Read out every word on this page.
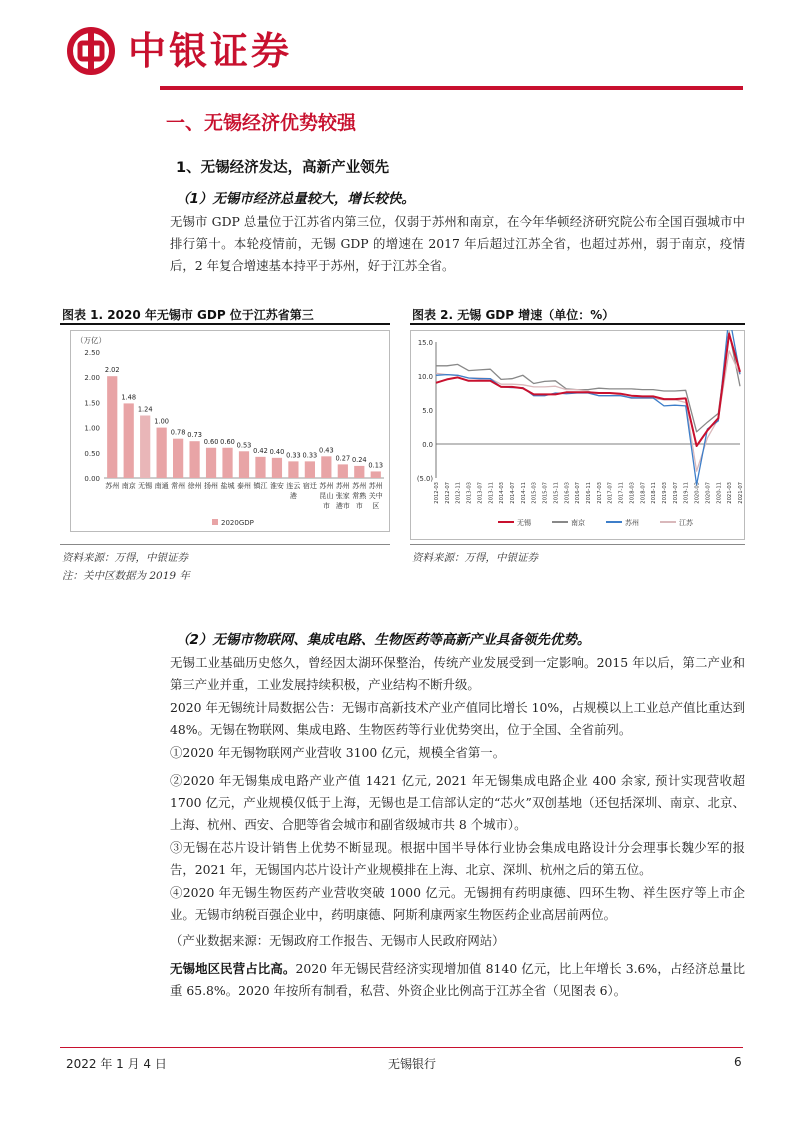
中银证券
一、无锡经济优势较强
1、无锡经济发达，高新产业领先
（1）无锡市经济总量较大，增长较快。
无锡市 GDP 总量位于江苏省内第三位，仅弱于苏州和南京，在今年华顿经济研究院公布全国百强城市中排行第十。本轮疫情前，无锡 GDP 的增速在 2017 年后超过江苏全省，也超过苏州，弱于南京，疫情后，2 年复合增速基本持平于苏州，好于江苏全省。
图表 1. 2020 年无锡市 GDP 位于江苏省第三
（万亿）
0.00
0.50
1.00
1.50
2.00
2.50
2.02
苏州
1.48
南京
1.24
无锡
1.00
南通
0.78
常州
0.73
徐州
0.60
扬州
0.60
盐城
0.53
泰州
0.42
镇江
0.40
淮安
0.33
连云港
0.33
宿迁
0.43
苏州昆山市
0.27
苏州张家港市
0.24
苏州常熟市
0.13
苏州关中区
2020GDP
资料来源：万得，中银证券
注：关中区数据为 2019 年
图表 2. 无锡 GDP 增速（单位：%）
15.0
10.0
5.0
0.0
(5.0)
2012-03 2012-07 2012-11 2013-03 2013-07 2013-11 2014-03 2014-07 2014-11 2015-03 2015-07 2015-11 2016-03 2016-07 2016-11 2017-03 2017-07 2017-11 2018-03 2018-07 2018-11 2019-03 2019-07 2019-11 2020-03 2020-07 2020-11 2021-03 2021-07
无锡	南京	苏州	江苏
资料来源：万得，中银证券
（2）无锡市物联网、集成电路、生物医药等高新产业具备领先优势。
无锡工业基础历史悠久，曾经因太湖环保整治，传统产业发展受到一定影响。2015 年以后，第二产业和第三产业并重，工业发展持续积极，产业结构不断升级。
2020 年无锡统计局数据公告：无锡市高新技术产业产值同比增长 10%，占规模以上工业总产值比重达到 48%。无锡在物联网、集成电路、生物医药等行业优势突出，位于全国、全省前列。
①2020 年无锡物联网产业营收 3100 亿元，规模全省第一。
②2020 年无锡集成电路产业产值 1421 亿元, 2021 年无锡集成电路企业 400 余家, 预计实现营收超 1700 亿元，产业规模仅低于上海，无锡也是工信部认定的“芯火”双创基地（还包括深圳、南京、北京、上海、杭州、西安、合肥等省会城市和副省级城市共 8 个城市）。
③无锡在芯片设计销售上优势不断显现。根据中国半导体行业协会集成电路设计分会理事长魏少军的报告，2021 年，无锡国内芯片设计产业规模排在上海、北京、深圳、杭州之后的第五位。
④2020 年无锡生物医药产业营收突破 1000 亿元。无锡拥有药明康德、四环生物、祥生医疗等上市企业。无锡市纳税百强企业中，药明康德、阿斯利康两家生物医药企业高居前两位。
（产业数据来源：无锡政府工作报告、无锡市人民政府网站）
无锡地区民营占比高。2020 年无锡民营经济实现增加值 8140 亿元，比上年增长 3.6%，占经济总量比重 65.8%。2020 年按所有制看，私营、外资企业比例高于江苏全省（见图表 6）。
2022 年 1 月 4 日	无锡银行	6
